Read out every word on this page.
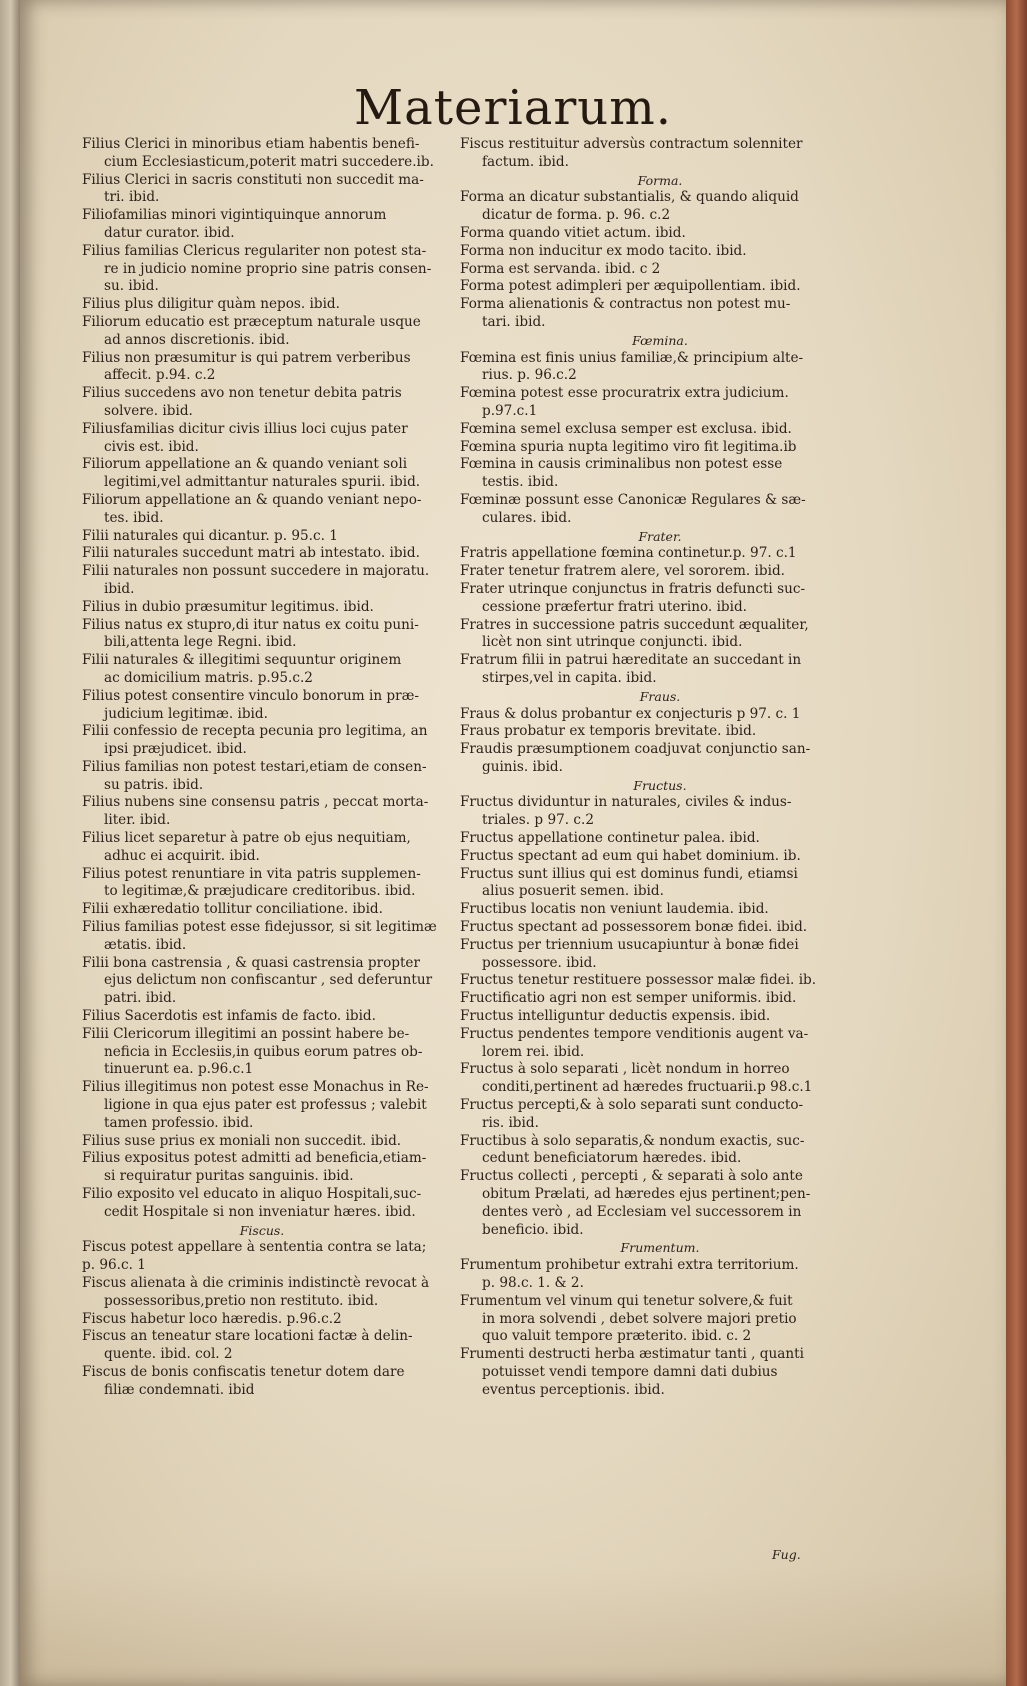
Materiarum.
Filius Clerici in minoribus etiam habentis benefi-
cium Ecclesiasticum,poterit matri succedere.ib.
Filius Clerici in sacris constituti non succedit ma-
tri. ibid.
Filiofamilias minori vigintiquinque annorum
datur curator. ibid.
Filius familias Clericus regulariter non potest sta-
re in judicio nomine proprio sine patris consen-
su. ibid.
Filius plus diligitur quàm nepos. ibid.
Filiorum educatio est præceptum naturale usque
ad annos discretionis. ibid.
Filius non præsumitur is qui patrem verberibus
affecit. p.94. c.2
Filius succedens avo non tenetur debita patris
solvere. ibid.
Filiusfamilias dicitur civis illius loci cujus pater
civis est. ibid.
Filiorum appellatione an & quando veniant soli
legitimi,vel admittantur naturales spurii. ibid.
Filiorum appellatione an & quando veniant nepo-
tes. ibid.
Filii naturales qui dicantur. p. 95.c. 1
Filii naturales succedunt matri ab intestato. ibid.
Filii naturales non possunt succedere in majoratu.
ibid.
Filius in dubio præsumitur legitimus. ibid.
Filius natus ex stupro,di itur natus ex coitu puni-
bili,attenta lege Regni. ibid.
Filii naturales & illegitimi sequuntur originem
ac domicilium matris. p.95.c.2
Filius potest consentire vinculo bonorum in præ-
judicium legitimæ. ibid.
Filii confessio de recepta pecunia pro legitima, an
ipsi præjudicet. ibid.
Filius familias non potest testari,etiam de consen-
su patris. ibid.
Filius nubens sine consensu patris , peccat morta-
liter. ibid.
Filius licet separetur à patre ob ejus nequitiam,
adhuc ei acquirit. ibid.
Filius potest renuntiare in vita patris supplemen-
to legitimæ,& præjudicare creditoribus. ibid.
Filii exhæredatio tollitur conciliatione. ibid.
Filius familias potest esse fidejussor, si sit legitimæ
ætatis. ibid.
Filii bona castrensia , & quasi castrensia propter
ejus delictum non confiscantur , sed deferuntur
patri. ibid.
Filius Sacerdotis est infamis de facto. ibid.
Filii Clericorum illegitimi an possint habere be-
neficia in Ecclesiis,in quibus eorum patres ob-
tinuerunt ea. p.96.c.1
Filius illegitimus non potest esse Monachus in Re-
ligione in qua ejus pater est professus ; valebit
tamen professio. ibid.
Filius suse prius ex moniali non succedit. ibid.
Filius expositus potest admitti ad beneficia,etiam-
si requiratur puritas sanguinis. ibid.
Filio exposito vel educato in aliquo Hospitali,suc-
cedit Hospitale si non inveniatur hæres. ibid.
Fiscus.
Fiscus potest appellare à sententia contra se lata;
p. 96.c. 1
Fiscus alienata à die criminis indistinctè revocat à
possessoribus,pretio non restituto. ibid.
Fiscus habetur loco hæredis. p.96.c.2
Fiscus an teneatur stare locationi factæ à delin-
quente. ibid. col. 2
Fiscus de bonis confiscatis tenetur dotem dare
filiæ condemnati. ibid
Fiscus restituitur adversùs contractum solenniter
factum. ibid.
Forma.
Forma an dicatur substantialis, & quando aliquid
dicatur de forma. p. 96. c.2
Forma quando vitiet actum. ibid.
Forma non inducitur ex modo tacito. ibid.
Forma est servanda. ibid. c 2
Forma potest adimpleri per æquipollentiam. ibid.
Forma alienationis & contractus non potest mu-
tari. ibid.
Fœmina.
Fœmina est finis unius familiæ,& principium alte-
rius. p. 96.c.2
Fœmina potest esse procuratrix extra judicium.
p.97.c.1
Fœmina semel exclusa semper est exclusa. ibid.
Fœmina spuria nupta legitimo viro fit legitima.ib
Fœmina in causis criminalibus non potest esse
testis. ibid.
Fœminæ possunt esse Canonicæ Regulares & sæ-
culares. ibid.
Frater.
Fratris appellatione fœmina continetur.p. 97. c.1
Frater tenetur fratrem alere, vel sororem. ibid.
Frater utrinque conjunctus in fratris defuncti suc-
cessione præfertur fratri uterino. ibid.
Fratres in successione patris succedunt æqualiter,
licèt non sint utrinque conjuncti. ibid.
Fratrum filii in patrui hæreditate an succedant in
stirpes,vel in capita. ibid.
Fraus.
Fraus & dolus probantur ex conjecturis p 97. c. 1
Fraus probatur ex temporis brevitate. ibid.
Fraudis præsumptionem coadjuvat conjunctio san-
guinis. ibid.
Fructus.
Fructus dividuntur in naturales, civiles & indus-
triales. p 97. c.2
Fructus appellatione continetur palea. ibid.
Fructus spectant ad eum qui habet dominium. ib.
Fructus sunt illius qui est dominus fundi, etiamsi
alius posuerit semen. ibid.
Fructibus locatis non veniunt laudemia. ibid.
Fructus spectant ad possessorem bonæ fidei. ibid.
Fructus per triennium usucapiuntur à bonæ fidei
possessore. ibid.
Fructus tenetur restituere possessor malæ fidei. ib.
Fructificatio agri non est semper uniformis. ibid.
Fructus intelliguntur deductis expensis. ibid.
Fructus pendentes tempore venditionis augent va-
lorem rei. ibid.
Fructus à solo separati , licèt nondum in horreo
conditi,pertinent ad hæredes fructuarii.p 98.c.1
Fructus percepti,& à solo separati sunt conducto-
ris. ibid.
Fructibus à solo separatis,& nondum exactis, suc-
cedunt beneficiatorum hæredes. ibid.
Fructus collecti , percepti , & separati à solo ante
obitum Prælati, ad hæredes ejus pertinent;pen-
dentes verò , ad Ecclesiam vel successorem in
beneficio. ibid.
Frumentum.
Frumentum prohibetur extrahi extra territorium.
p. 98.c. 1. & 2.
Frumentum vel vinum qui tenetur solvere,& fuit
in mora solvendi , debet solvere majori pretio
quo valuit tempore præterito. ibid. c. 2
Frumenti destructi herba æstimatur tanti , quanti
potuisset vendi tempore damni dati dubius
eventus perceptionis. ibid.
Fug.
